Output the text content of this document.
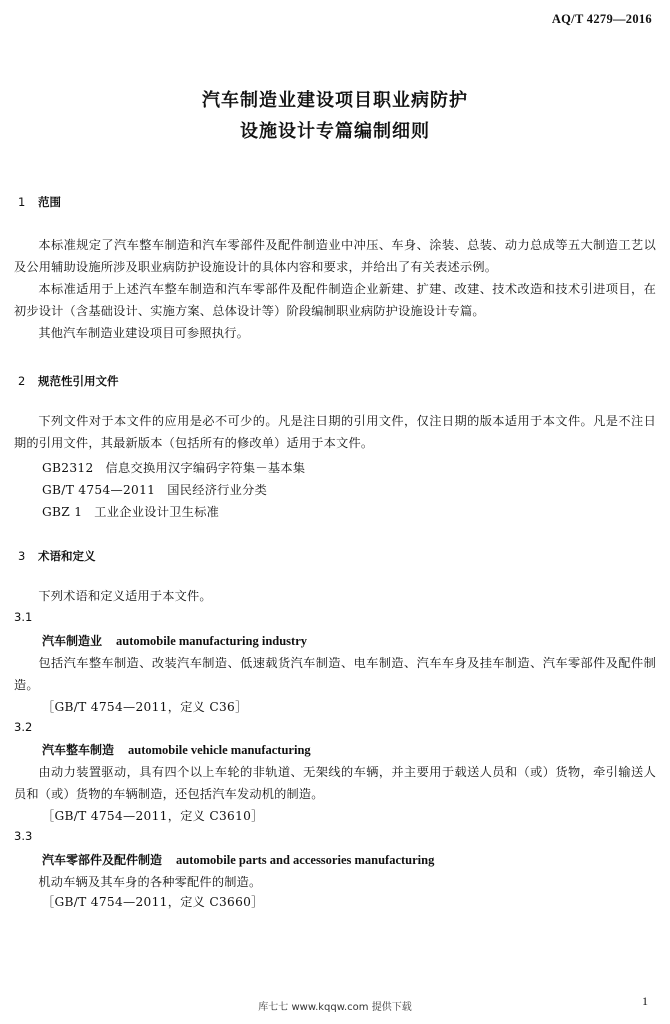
AQ/T 4279—2016
汽车制造业建设项目职业病防护
设施设计专篇编制细则
1 范围
本标准规定了汽车整车制造和汽车零部件及配件制造业中冲压、车身、涂装、总装、动力总成等五大制造工艺以及公用辅助设施所涉及职业病防护设施设计的具体内容和要求，并给出了有关表述示例。
本标准适用于上述汽车整车制造和汽车零部件及配件制造企业新建、扩建、改建、技术改造和技术引进项目，在初步设计（含基础设计、实施方案、总体设计等）阶段编制职业病防护设施设计专篇。
其他汽车制造业建设项目可参照执行。
2 规范性引用文件
下列文件对于本文件的应用是必不可少的。凡是注日期的引用文件，仅注日期的版本适用于本文件。凡是不注日期的引用文件，其最新版本（包括所有的修改单）适用于本文件。
GB2312 信息交换用汉字编码字符集－基本集
GB/T 4754—2011 国民经济行业分类
GBZ 1 工业企业设计卫生标准
3 术语和定义
下列术语和定义适用于本文件。
3.1
汽车制造业 automobile manufacturing industry
包括汽车整车制造、改装汽车制造、低速载货汽车制造、电车制造、汽车车身及挂车制造、汽车零部件及配件制造。
［GB/T 4754—2011，定义 C36］
3.2
汽车整车制造 automobile vehicle manufacturing
由动力装置驱动，具有四个以上车轮的非轨道、无架线的车辆，并主要用于载送人员和（或）货物，牵引输送人员和（或）货物的车辆制造，还包括汽车发动机的制造。
［GB/T 4754—2011，定义 C3610］
3.3
汽车零部件及配件制造 automobile parts and accessories manufacturing
机动车辆及其车身的各种零配件的制造。
［GB/T 4754—2011，定义 C3660］
库七七 www.kqqw.com 提供下载	1
